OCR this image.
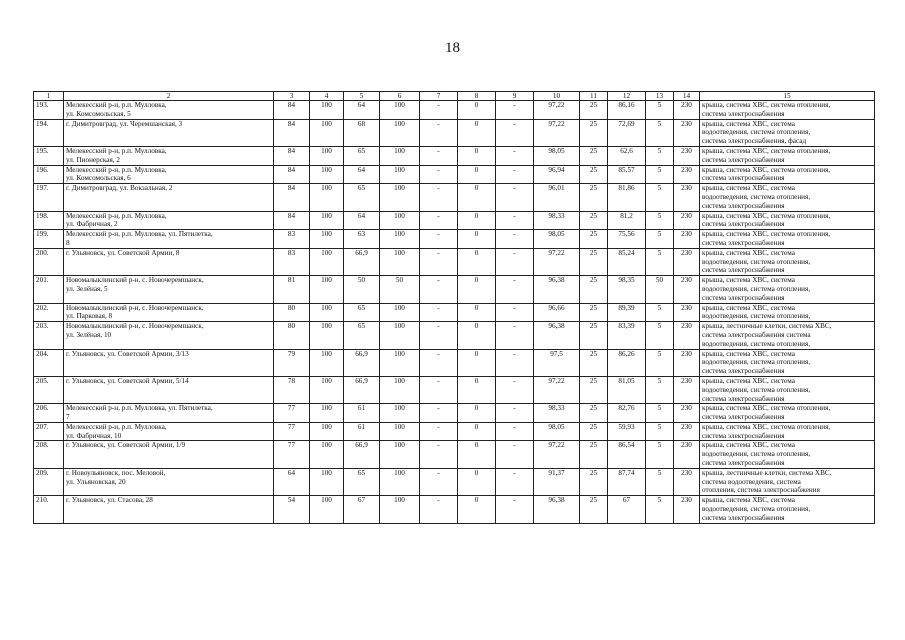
18
1	2	3	4	5	6	7	8	9	10	11	12	13	14	15
193.	Мелекесский р-н, р.п. Мулловка,
ул. Комсомольская, 5	84	100	64	100	-	0	-	97,22	25	86,16	5	230	крыша, система ХВС, система отопления,
система электроснабжения
194.	г. Димитровград, ул. Черемшанская, 3	84	100	68	100	-	0	-	97,22	25	72,69	5	230	крыша, система ХВС, система
водоотведения, система отопления,
система электроснабжения, фасад
195.	Мелекесский р-н, р.п. Мулловка,
ул. Пионерская, 2	84	100	65	100	-	0	-	98,05	25	62,6	5	230	крыша, система ХВС, система отопления,
система электроснабжения
196.	Мелекесский р-н, р.п. Мулловка,
ул. Комсомольская, 6	84	100	64	100	-	0	-	96,94	25	85,57	5	230	крыша, система ХВС, система отопления,
система электроснабжения
197.	г. Димитровград, ул. Вокзальная, 2	84	100	65	100	-	0	-	96,01	25	81,86	5	230	крыша, система ХВС, система
водоотведения, система отопления,
система электроснабжения
198.	Мелекесский р-н, р.п. Мулловка,
ул. Фабричная, 2	84	100	64	100	-	0	-	98,33	25	81,2	5	230	крыша, система ХВС, система отопления,
система электроснабжения
199.	Мелекесский р-н, р.п. Мулловка, ул. Пятилетка,
8	83	100	63	100	-	0	-	98,05	25	75,56	5	230	крыша, система ХВС, система отопления,
система электроснабжения
200.	г. Ульяновск, ул. Советской Армии, 8	83	100	66,9	100	-	0	-	97,22	25	85,24	5	230	крыша, система ХВС, система
водоотведения, система отопления,
система электроснабжения
201.	Новомалыклинский р-н, с. Новочеремшанск,
ул. Зелёная, 5	81	100	50	50	-	0	-	96,38	25	98,35	50	230	крыша, система ХВС, система
водоотведения, система отопления,
система электроснабжения
202.	Новомалыклинский р-н, с. Новочеремшанск,
ул. Парковая, 8	80	100	65	100	-	0	-	96,66	25	89,39	5	230	крыша, система ХВС, система
водоотведения, система отопления,
203.	Новомалыклинский р-н, с. Новочеремшанск,
ул. Зелёная, 10	80	100	65	100	-	0	-	96,38	25	83,39	5	230	крыша, лестничные клетки, система ХВС,
система электроснабжения система
водоотведения, система отопления,
204.	г. Ульяновск, ул. Советской Армии, 3/13	79	100	66,9	100	-	0	-	97,5	25	86,26	5	230	крыша, система ХВС, система
водоотведения, система отопления,
система электроснабжения
205.	г. Ульяновск, ул. Советской Армии, 5/14	78	100	66,9	100	-	0	-	97,22	25	81,05	5	230	крыша, система ХВС, система
водоотведения, система отопления,
система электроснабжения
206.	Мелекесский р-н, р.п. Мулловка, ул. Пятилетка,
7	77	100	61	100	-	0	-	98,33	25	82,76	5	230	крыша, система ХВС, система отопления,
система электроснабжения
207.	Мелекесский р-н, р.п. Мулловка,
ул. Фабричная, 10	77	100	61	100	-	0	-	98,05	25	59,93	5	230	крыша, система ХВС, система отопления,
система электроснабжения
208.	г. Ульяновск, ул. Советской Армии, 1/9	77	100	66,9	100	-	0	-	97,22	25	86,54	5	230	крыша, система ХВС, система
водоотведения, система отопления,
система электроснабжения
209.	г. Новоульяновск, пос. Меловой,
ул. Ульяновская, 20	64	100	65	100	-	0	-	91,37	25	87,74	5	230	крыша, лестничные клетки, система ХВС,
система водоотведения, система
отопления, система электроснабжения
210.	г. Ульяновск, ул. Стасова, 28	54	100	67	100	-	0	-	96,38	25	67	5	230	крыша, система ХВС, система
водоотведения, система отопления,
система электроснабжения
